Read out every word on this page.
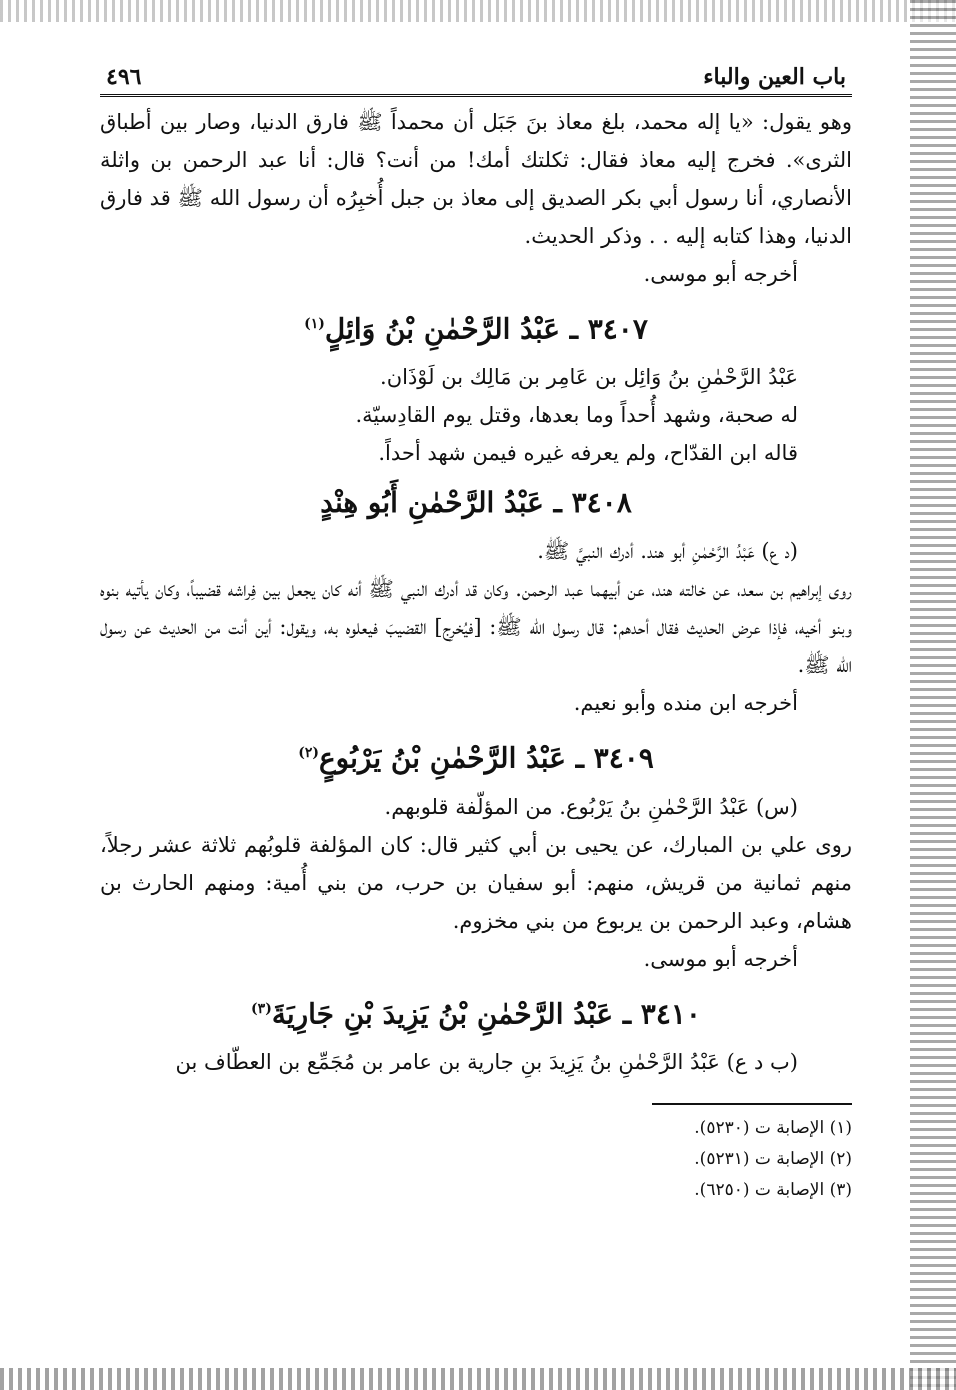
باب العين والباء
٤٩٦

وهو يقول: «يا إله محمد، بلغ معاذ بنَ جَبَل أن محمداً ﷺ فارق الدنيا، وصار بين أطباق الثرى». فخرج إليه معاذ فقال: ثكلتك أمك! من أنت؟ قال: أنا عبد الرحمن بن واثلة الأنصاري، أنا رسول أبي بكر الصديق إلى معاذ بن جبل أُخبِرُه أن رسول الله ﷺ قد فارق الدنيا، وهذا كتابه إليه . . وذكر الحديث.

أخرجه أبو موسى.

٣٤٠٧ ـ عَبْدُ الرَّحْمٰنِ بْنُ وَائِلٍ$^{(١)}$

عَبْدُ الرَّحْمٰنِ بنُ وَائِل بن عَامِر بن مَالِك بن لَوْذَان.

له صحبة، وشهد أُحداً وما بعدها، وقتل يوم القادِسيّة.

قاله ابن القدّاح، ولم يعرفه غيره فيمن شهد أحداً.

٣٤٠٨ ـ عَبْدُ الرَّحْمٰنِ أَبُو هِنْدٍ

(د ع) عَبْدُ الرَّحْمٰنِ أبو هند. أدرك النبيَّ ﷺ.

روى إبراهيم بن سعد، عن خالته هند، عن أبيهما عبد الرحمن. وكان قد أدرك النبي ﷺ أنه كان يجعل بين فِراشه قضيباً، وكان يأتيه بنوه وبنو أخيه، فإذا عرض الحديث فقال أحدهم: قال رسول الله ﷺ: [فيُخرِج] القضيبَ فيعلوه به، ويقول: أين أنت من الحديث عن رسول الله ﷺ.

أخرجه ابن منده وأبو نعيم.

٣٤٠٩ ـ عَبْدُ الرَّحْمٰنِ بْنُ يَرْبُوعٍ$^{(٢)}$

(س) عَبْدُ الرَّحْمٰنِ بنُ يَرْبُوع. من المؤلّفة قلوبهم.

روى علي بن المبارك، عن يحيى بن أبي كثير قال: كان المؤلفة قلوبُهم ثلاثة عشر رجلاً، منهم ثمانية من قريش، منهم: أبو سفيان بن حرب، من بني أُمية: ومنهم الحارث بن هشام، وعبد الرحمن بن يربوع من بني مخزوم.

أخرجه أبو موسى.

٣٤١٠ ـ عَبْدُ الرَّحْمٰنِ بْنُ يَزِيدَ بْنِ جَارِيَةَ$^{(٣)}$

(ب د ع) عَبْدُ الرَّحْمٰنِ بنُ يَزِيدَ بنِ جارية بن عامر بن مُجَمِّع بن العطّاف بن

(١) الإصابة ت (٥٢٣٠).

(٢) الإصابة ت (٥٢٣١).

(٣) الإصابة ت (٦٢٥٠).
